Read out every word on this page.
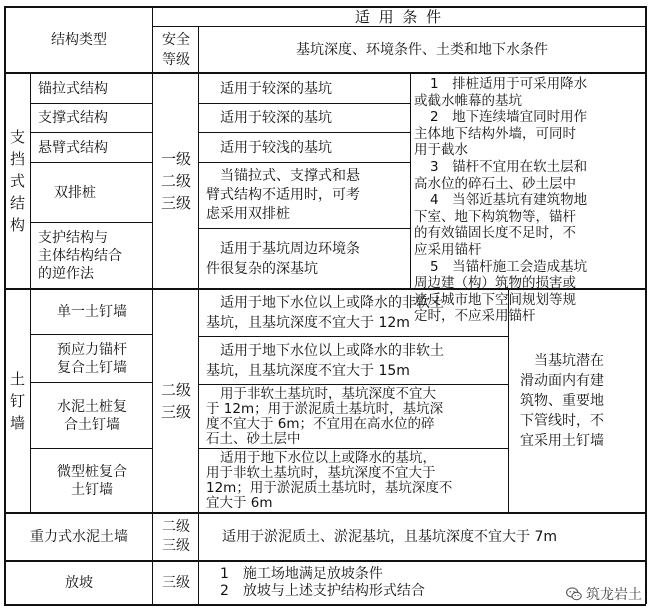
结构类型
适 用 条 件
安全
等级
基坑深度、环境条件、土类和地下水条件
支
挡
式
结
构
锚拉式结构
支撑式结构
悬臂式结构
双排桩
支护结构与
主体结构结合
的逆作法
一级
二级
三级
适用于较深的基坑
适用于较深的基坑
适用于较浅的基坑
当锚拉式、支撑式和悬
臂式结构不适用时，可考
虑采用双排桩
适用于基坑周边环境条
件很复杂的深基坑
1　排桩适用于可采用降水
或截水帷幕的基坑
2　地下连续墙宜同时用作
主体地下结构外墙，可同时
用于截水
3　锚杆不宜用在软土层和
高水位的碎石土、砂土层中
4　当邻近基坑有建筑物地
下室、地下构筑物等，锚杆
的有效锚固长度不足时，不
应采用锚杆
5　当锚杆施工会造成基坑
周边建（构）筑物的损害或
违反城市地下空间规划等规
定时，不应采用锚杆
土
钉
墙
单一土钉墙
预应力锚杆
复合土钉墙
水泥土桩复
合土钉墙
微型桩复合
土钉墙
二级
三级
适用于地下水位以上或降水的非软土
基坑，且基坑深度不宜大于 12m
适用于地下水位以上或降水的非软土
基坑，且基坑深度不宜大于 15m
用于非软土基坑时，基坑深度不宜大
于 12m；用于淤泥质土基坑时，基坑深
度不宜大于 6m；不宜用在高水位的碎
石土、砂土层中
适用于地下水位以上或降水的基坑，
用于非软土基坑时，基坑深度不宜大于
12m；用于淤泥质土基坑时，基坑深度不
宜大于 6m
当基坑潜在
滑动面内有建
筑物、重要地
下管线时，不
宜采用土钉墙
重力式水泥土墙
二级
三级
适用于淤泥质土、淤泥基坑，且基坑深度不宜大于 7m
放坡	三级
1　施工场地满足放坡条件
2　放坡与上述支护结构形式结合	筑龙岩土
